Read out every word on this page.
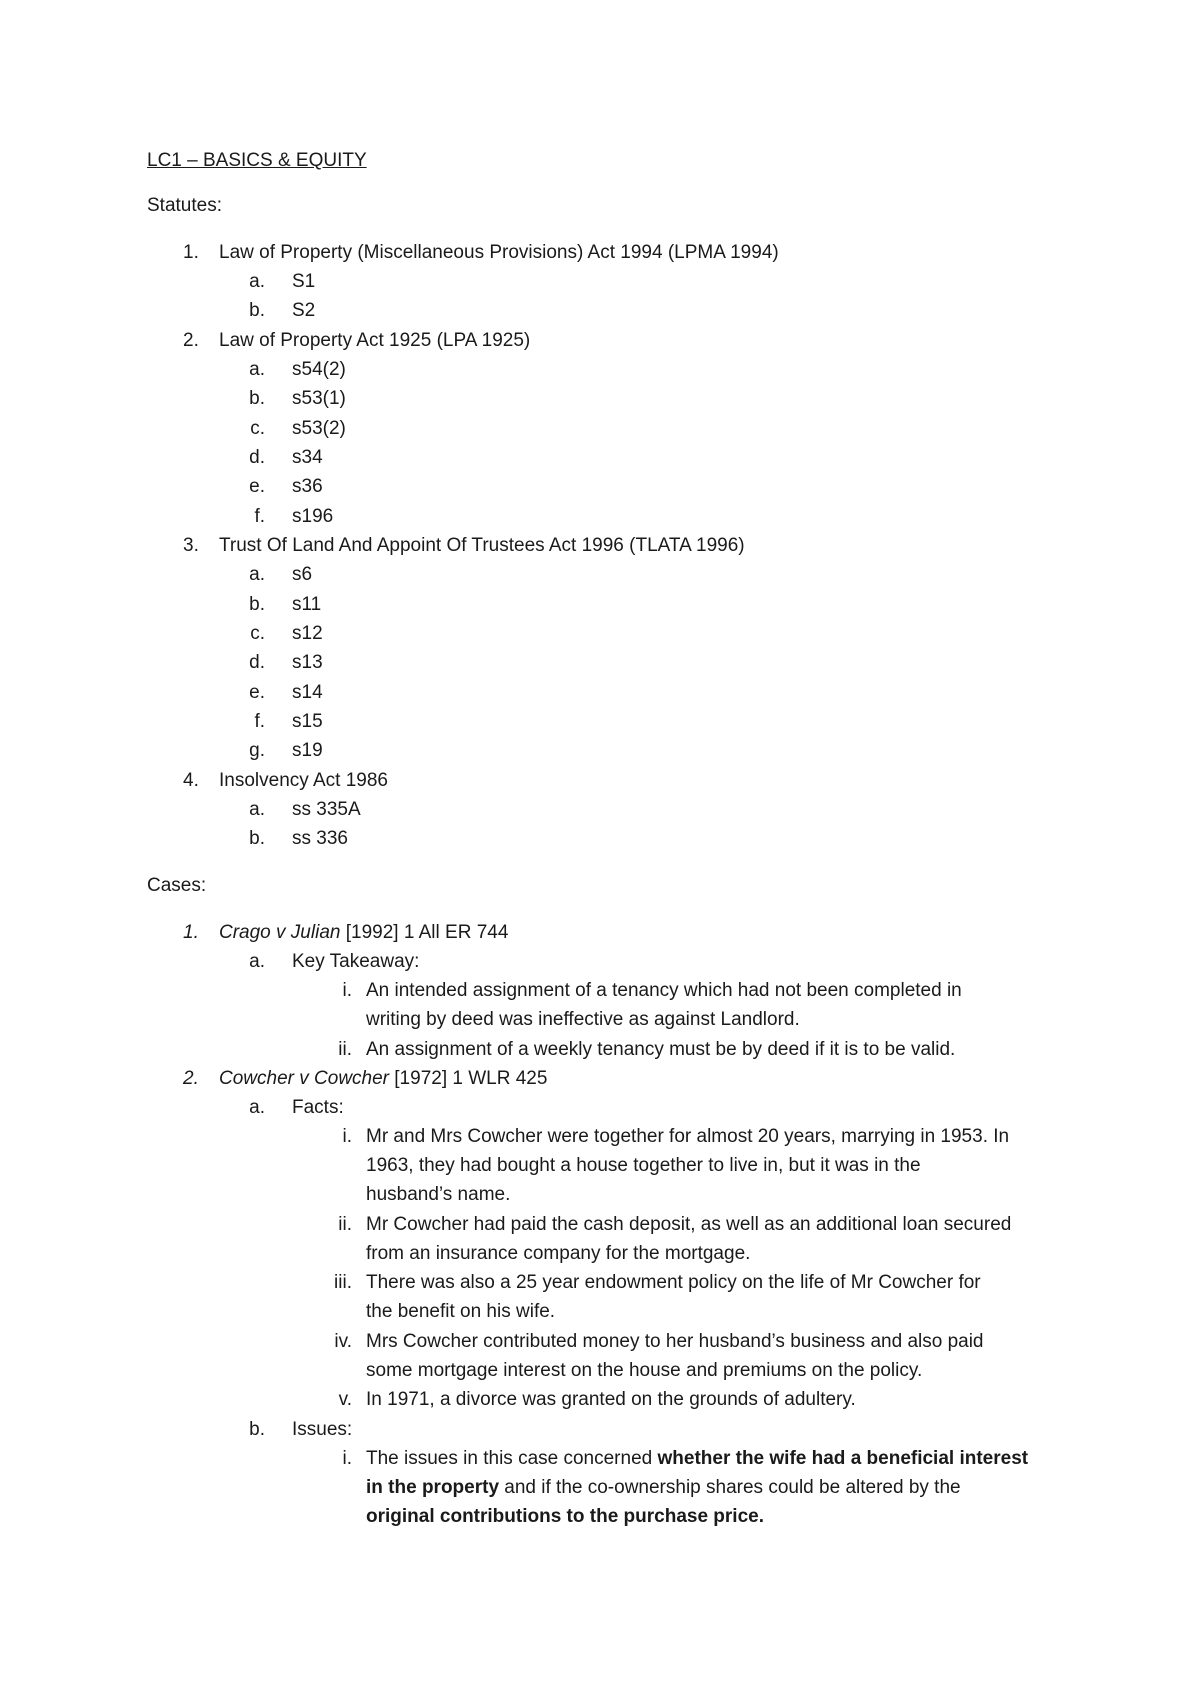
LC1 – BASICS & EQUITY
Statutes:
1.	Law of Property (Miscellaneous Provisions) Act 1994 (LPMA 1994)
a. S1
b. S2
2.	Law of Property Act 1925 (LPA 1925)
a. s54(2)
b. s53(1)
c. s53(2)
d. s34
e. s36
f. s196
3.	Trust Of Land And Appoint Of Trustees Act 1996 (TLATA 1996)
a. s6
b. s11
c. s12
d. s13
e. s14
f. s15
g. s19
4.	Insolvency Act 1986
a. ss 335A
b. ss 336
Cases:
1.	Crago v Julian [1992] 1 All ER 744
a. Key Takeaway:
i. An intended assignment of a tenancy which had not been completed in
writing by deed was ineffective as against Landlord.
ii. An assignment of a weekly tenancy must be by deed if it is to be valid.
2.	Cowcher v Cowcher [1972] 1 WLR 425
a. Facts:
i. Mr and Mrs Cowcher were together for almost 20 years, marrying in 1953. In
1963, they had bought a house together to live in, but it was in the
husband’s name.
ii. Mr Cowcher had paid the cash deposit, as well as an additional loan secured
from an insurance company for the mortgage.
iii. There was also a 25 year endowment policy on the life of Mr Cowcher for
the benefit on his wife.
iv. Mrs Cowcher contributed money to her husband’s business and also paid
some mortgage interest on the house and premiums on the policy.
v. In 1971, a divorce was granted on the grounds of adultery.
b. Issues:
i. The issues in this case concerned whether the wife had a beneficial interest
in the property and if the co-ownership shares could be altered by the
original contributions to the purchase price.
